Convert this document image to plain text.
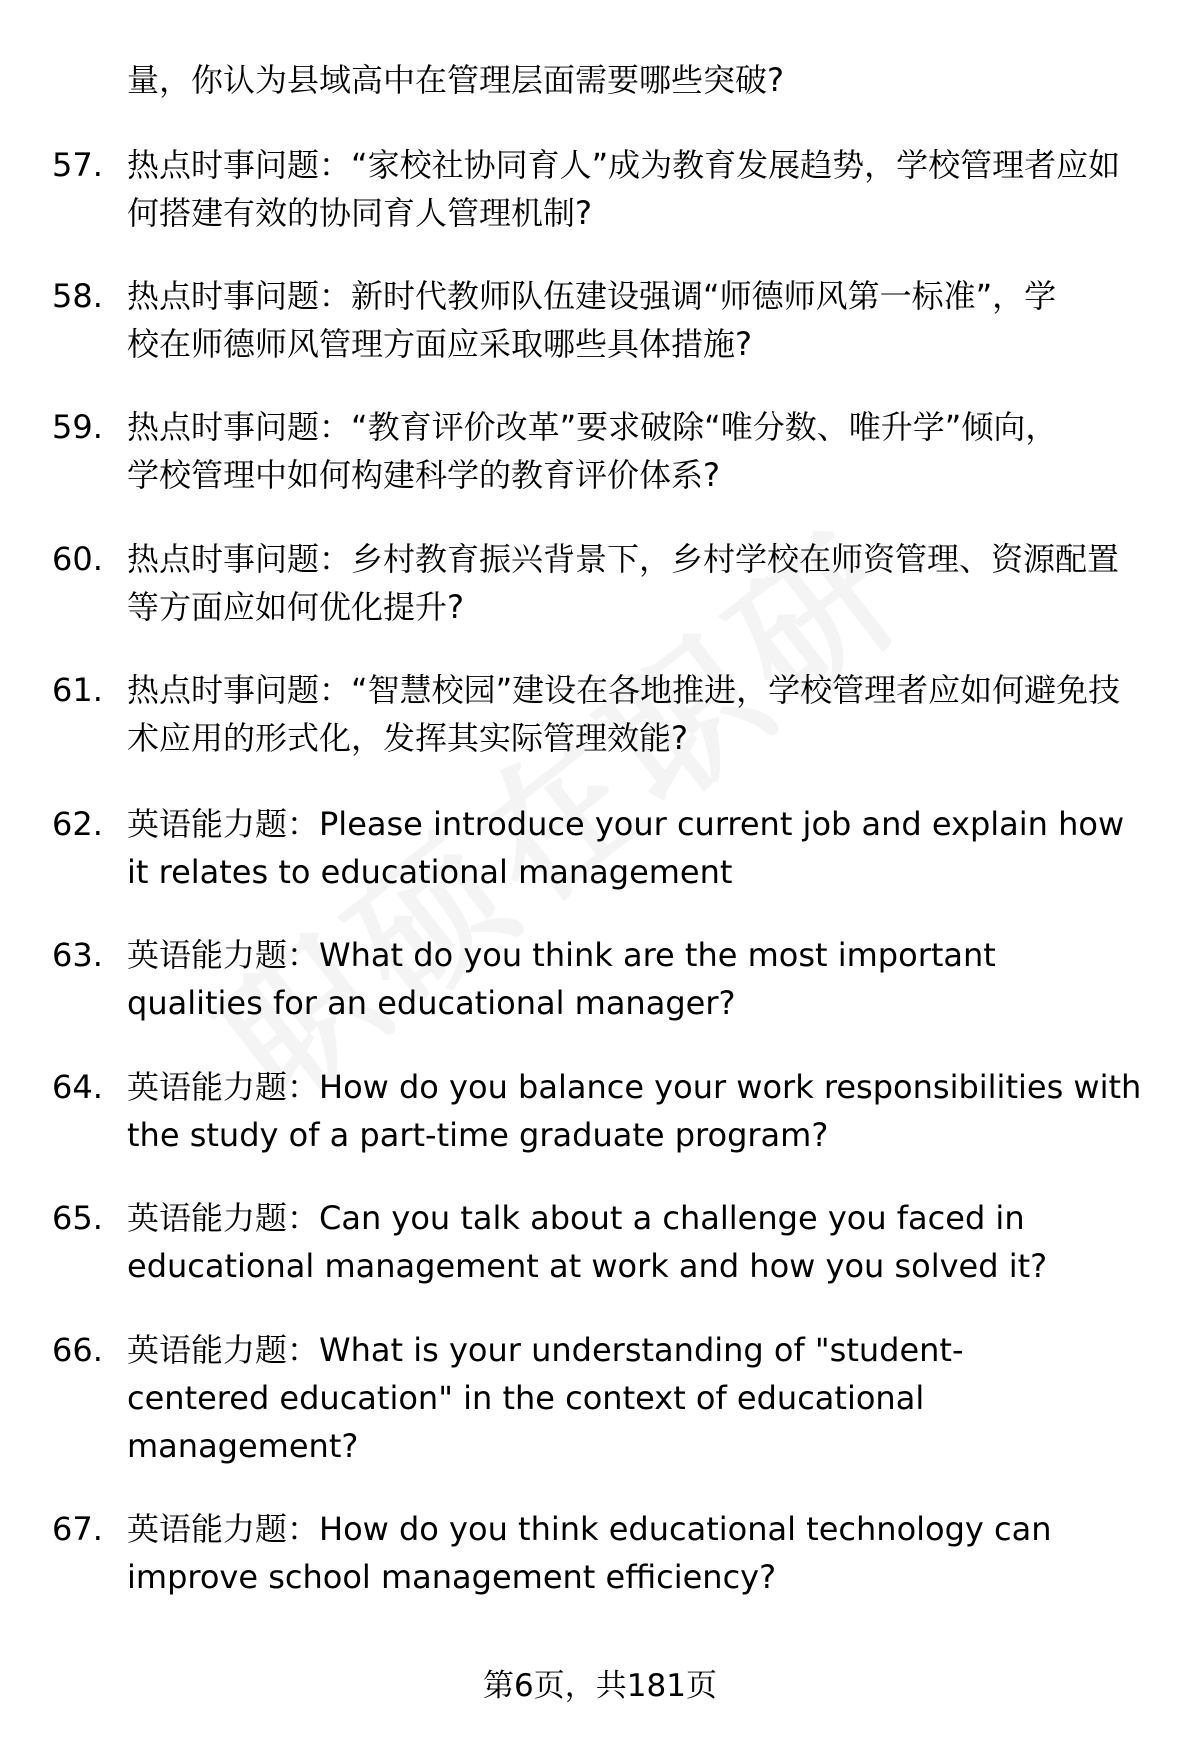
量，你认为县域高中在管理层面需要哪些突破?
57. 热点时事问题：“家校社协同育人”成为教育发展趋势，学校管理者应如何搭建有效的协同育人管理机制?
58. 热点时事问题：新时代教师队伍建设强调“师德师风第一标准”，学校在师德师风管理方面应采取哪些具体措施?
59. 热点时事问题：“教育评价改革”要求破除“唯分数、唯升学”倾向，学校管理中如何构建科学的教育评价体系?
60. 热点时事问题：乡村教育振兴背景下，乡村学校在师资管理、资源配置等方面应如何优化提升?
61. 热点时事问题：“智慧校园”建设在各地推进，学校管理者应如何避免技术应用的形式化，发挥其实际管理效能?
62. 英语能力题：Please introduce your current job and explain how it relates to educational management
63. 英语能力题：What do you think are the most important qualities for an educational manager?
64. 英语能力题：How do you balance your work responsibilities with the study of a part-time graduate program?
65. 英语能力题：Can you talk about a challenge you faced in educational management at work and how you solved it?
66. 英语能力题：What is your understanding of "student-centered education" in the context of educational management?
67. 英语能力题：How do you think educational technology can improve school management efficiency?
第6页，共181页
